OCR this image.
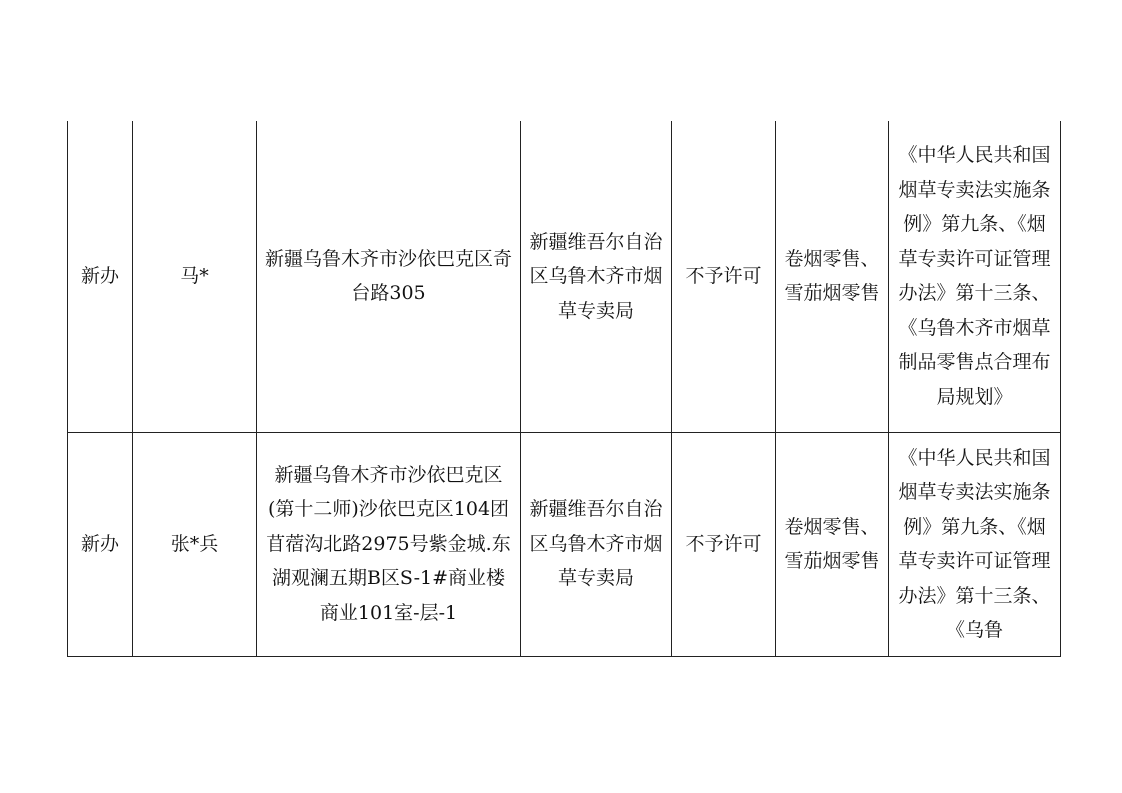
新办	马*	新疆乌鲁木齐市沙依巴克区奇台路305	新疆维吾尔自治区乌鲁木齐市烟草专卖局	不予许可	卷烟零售、雪茄烟零售	《中华人民共和国烟草专卖法实施条例》第九条、《烟草专卖许可证管理办法》第十三条、《乌鲁木齐市烟草制品零售点合理布局规划》

新办	张*兵	新疆乌鲁木齐市沙依巴克区(第十二师)沙依巴克区104团苜蓿沟北路2975号紫金城.东湖观澜五期B区S-1#商业楼商业101室-层-1	新疆维吾尔自治区乌鲁木齐市烟草专卖局	不予许可	卷烟零售、雪茄烟零售	《中华人民共和国烟草专卖法实施条例》第九条、《烟草专卖许可证管理办法》第十三条、《乌鲁
